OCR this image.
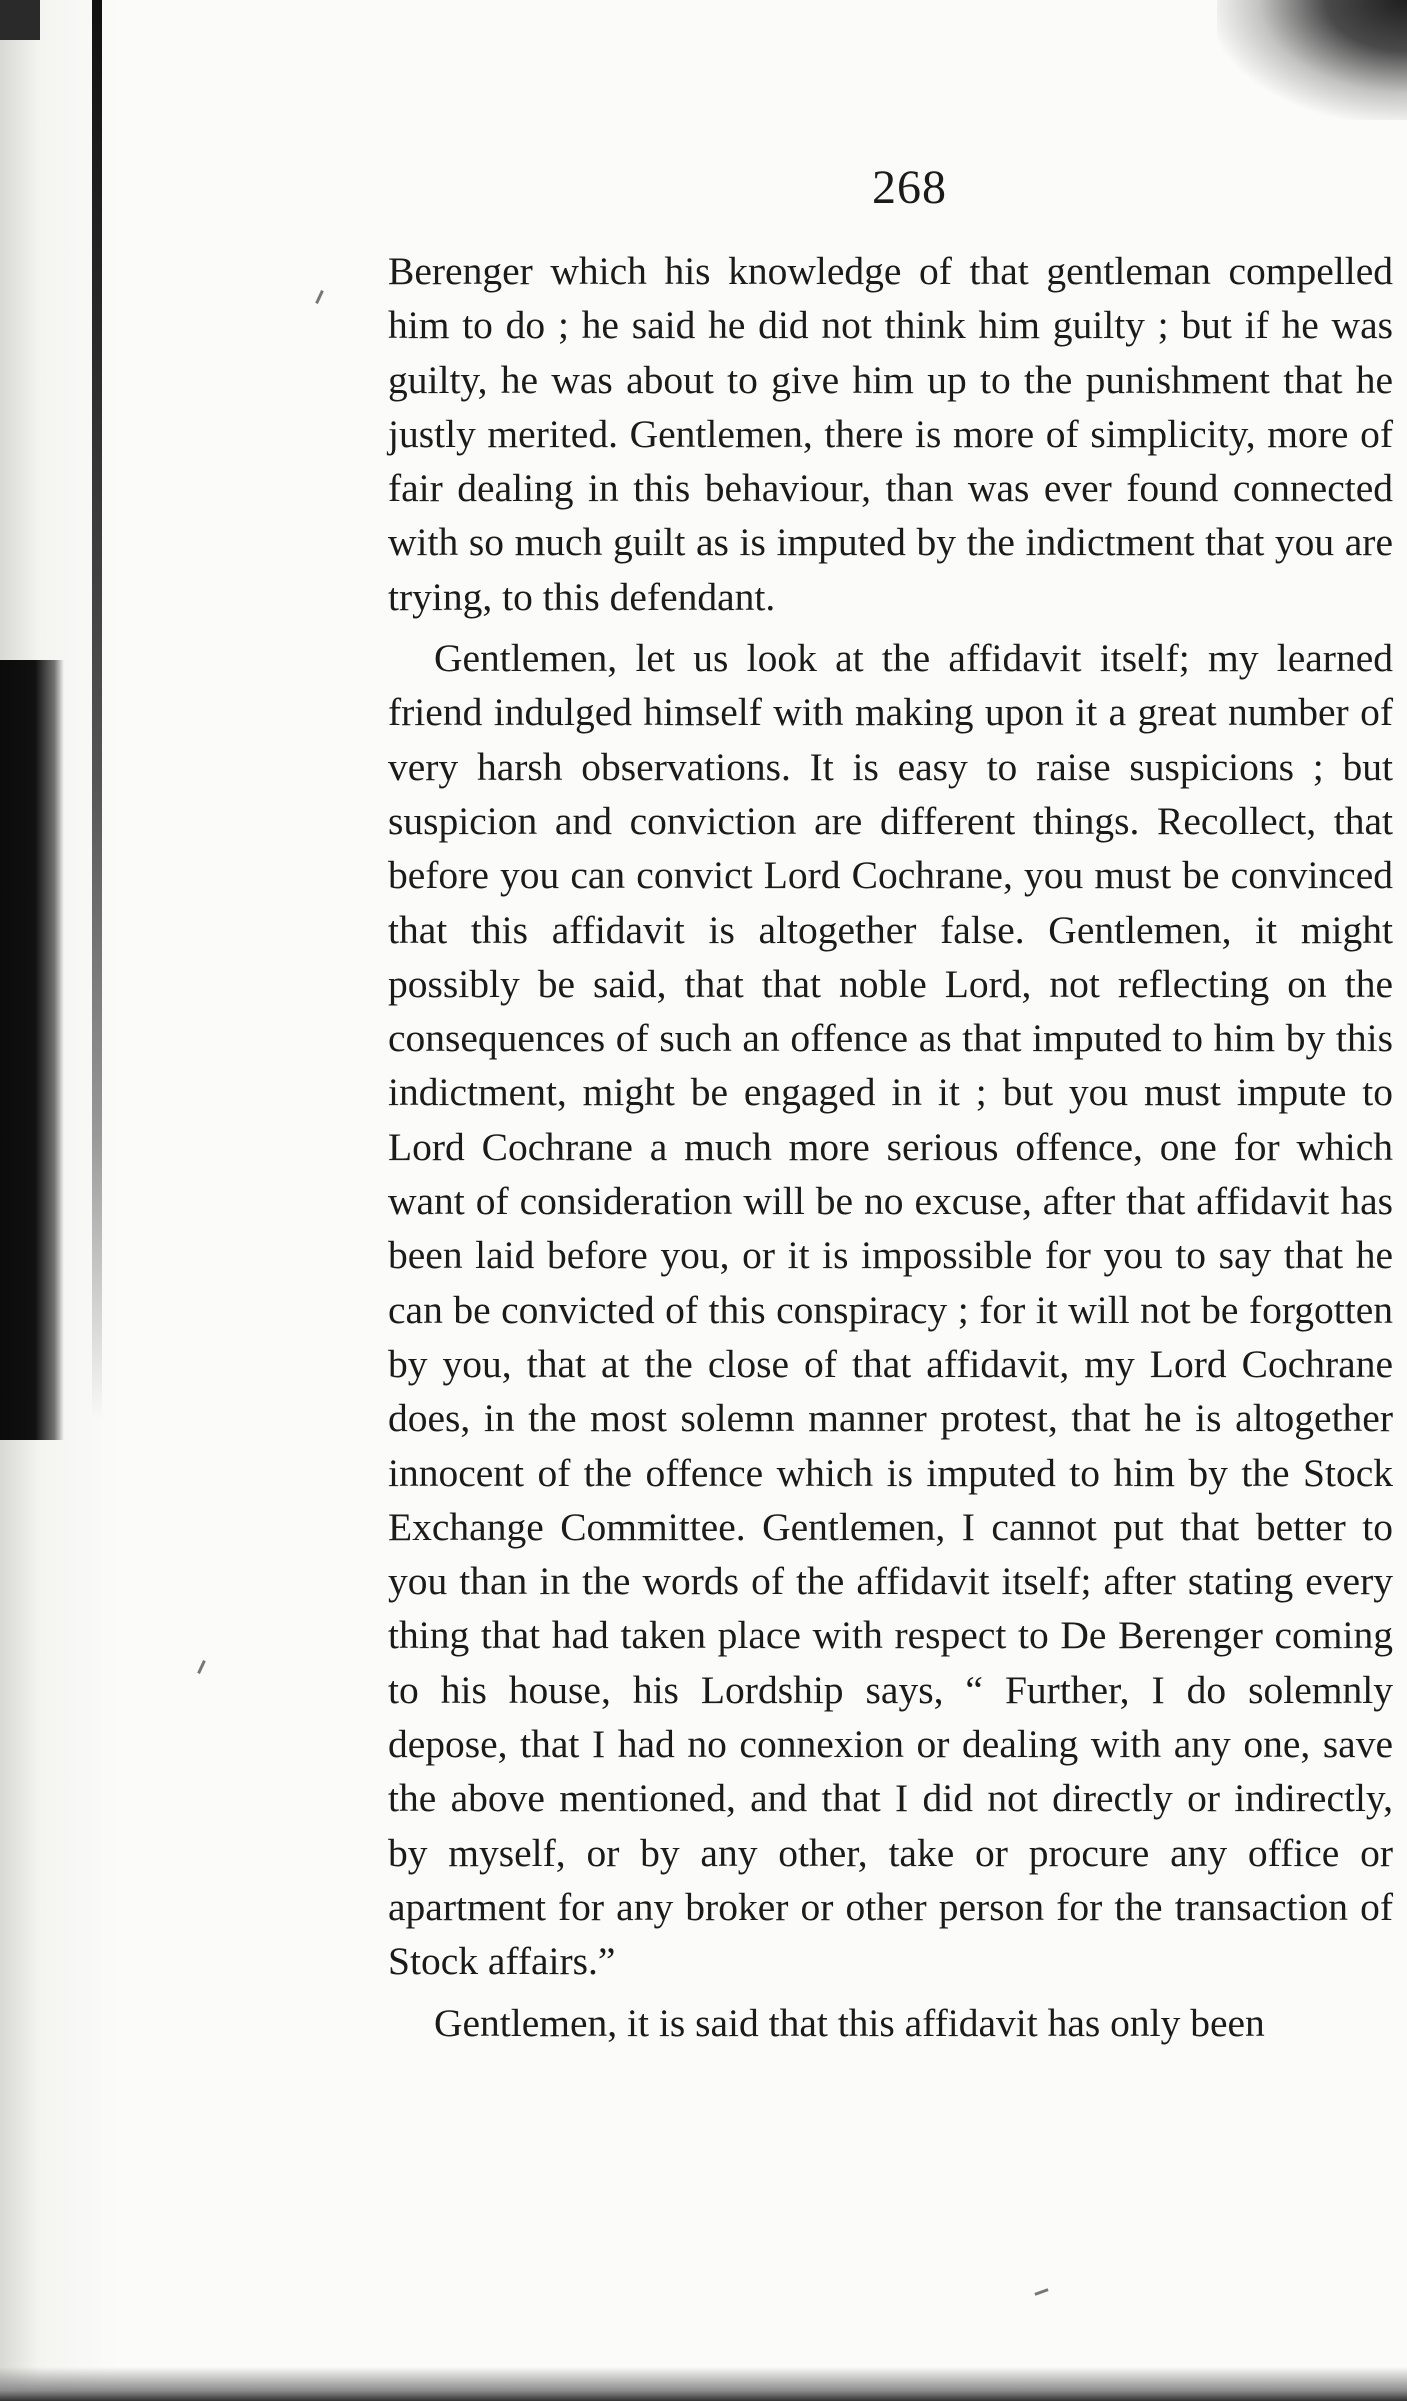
268

Berenger which his knowledge of that gentleman compelled him to do ; he said he did not think him guilty ; but if he was guilty, he was about to give him up to the punishment that he justly merited. Gentlemen, there is more of simplicity, more of fair dealing in this behaviour, than was ever found connected with so much guilt as is imputed by the indictment that you are trying, to this defendant.

Gentlemen, let us look at the affidavit itself; my learned friend indulged himself with making upon it a great number of very harsh observations. It is easy to raise suspicions ; but suspicion and conviction are different things. Recollect, that before you can convict Lord Cochrane, you must be convinced that this affidavit is altogether false. Gentlemen, it might possibly be said, that that noble Lord, not reflecting on the consequences of such an offence as that imputed to him by this indictment, might be engaged in it ; but you must impute to Lord Cochrane a much more serious offence, one for which want of consideration will be no excuse, after that affidavit has been laid before you, or it is impossible for you to say that he can be convicted of this conspiracy ; for it will not be forgotten by you, that at the close of that affidavit, my Lord Cochrane does, in the most solemn manner protest, that he is altogether innocent of the offence which is imputed to him by the Stock Exchange Committee. Gentlemen, I cannot put that better to you than in the words of the affidavit itself; after stating every thing that had taken place with respect to De Berenger coming to his house, his Lordship says, “ Further, I do solemnly depose, that I had no connexion or dealing with any one, save the above mentioned, and that I did not directly or indirectly, by myself, or by any other, take or procure any office or apartment for any broker or other person for the transaction of Stock affairs.”

Gentlemen, it is said that this affidavit has only been
